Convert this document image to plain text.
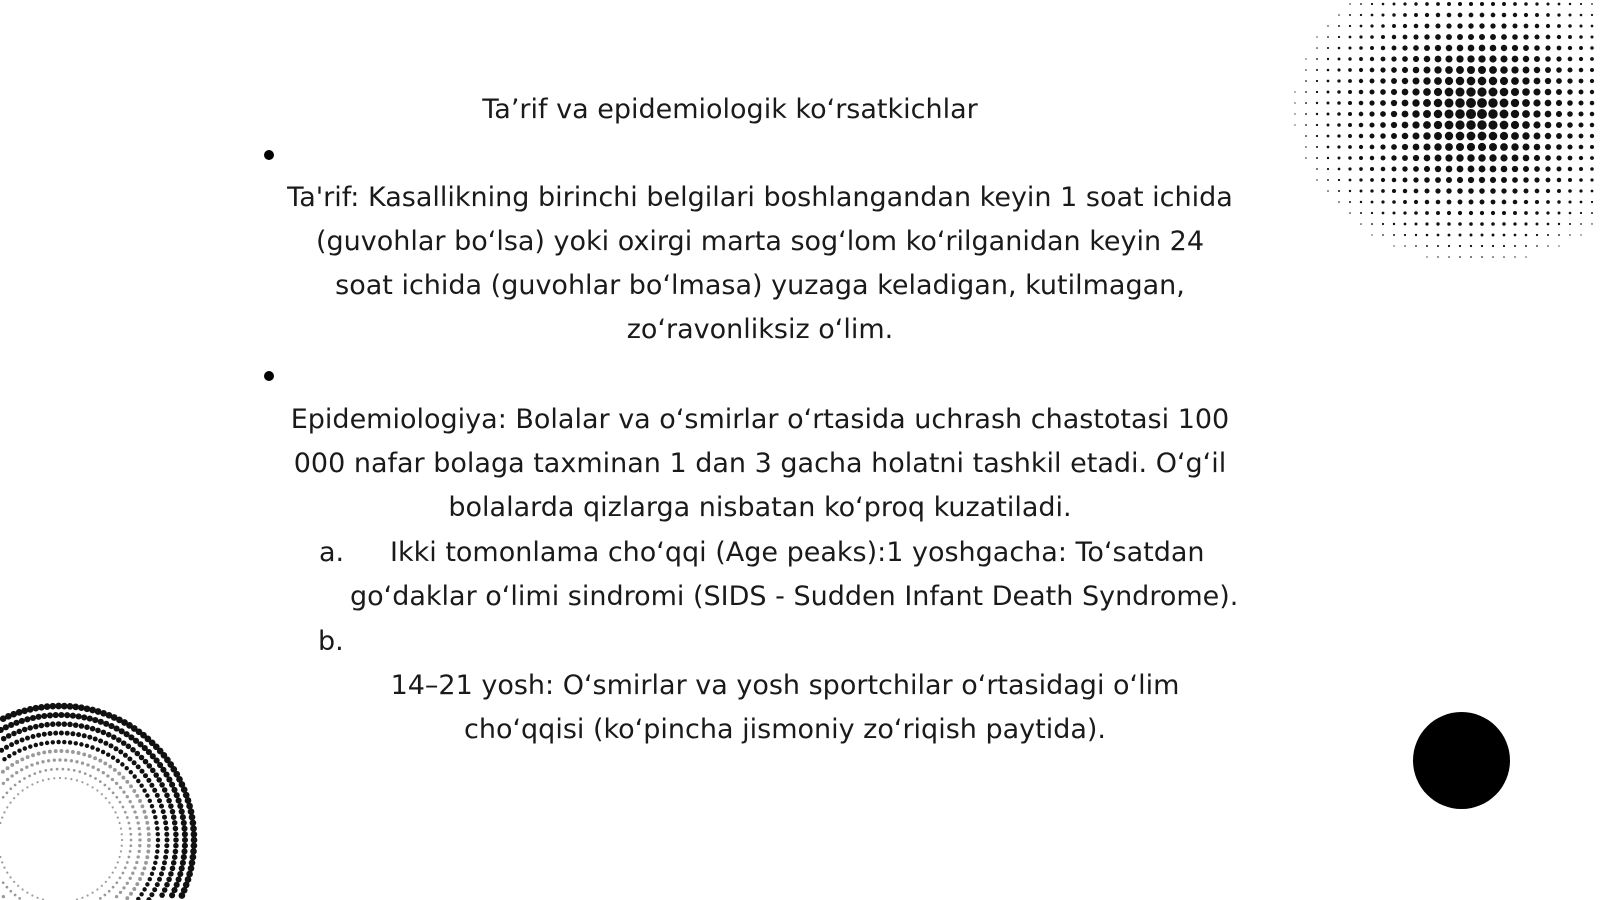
Ta’rif va epidemiologik ko‘rsatkichlar

Ta'rif: Kasallikning birinchi belgilari boshlangandan keyin 1 soat ichida (guvohlar bo‘lsa) yoki oxirgi marta sog‘lom ko‘rilganidan keyin 24 soat ichida (guvohlar bo‘lmasa) yuzaga keladigan, kutilmagan, zo‘ravonliksiz o‘lim.

Epidemiologiya: Bolalar va o‘smirlar o‘rtasida uchrash chastotasi 100 000 nafar bolaga taxminan 1 dan 3 gacha holatni tashkil etadi. O‘g‘il bolalarda qizlarga nisbatan ko‘proq kuzatiladi.

a. Ikki tomonlama cho‘qqi (Age peaks):1 yoshgacha: To‘satdan
go‘daklar o‘limi sindromi (SIDS - Sudden Infant Death Syndrome).
b.

14–21 yosh: O‘smirlar va yosh sportchilar o‘rtasidagi o‘lim cho‘qqisi (ko‘pincha jismoniy zo‘riqish paytida).
